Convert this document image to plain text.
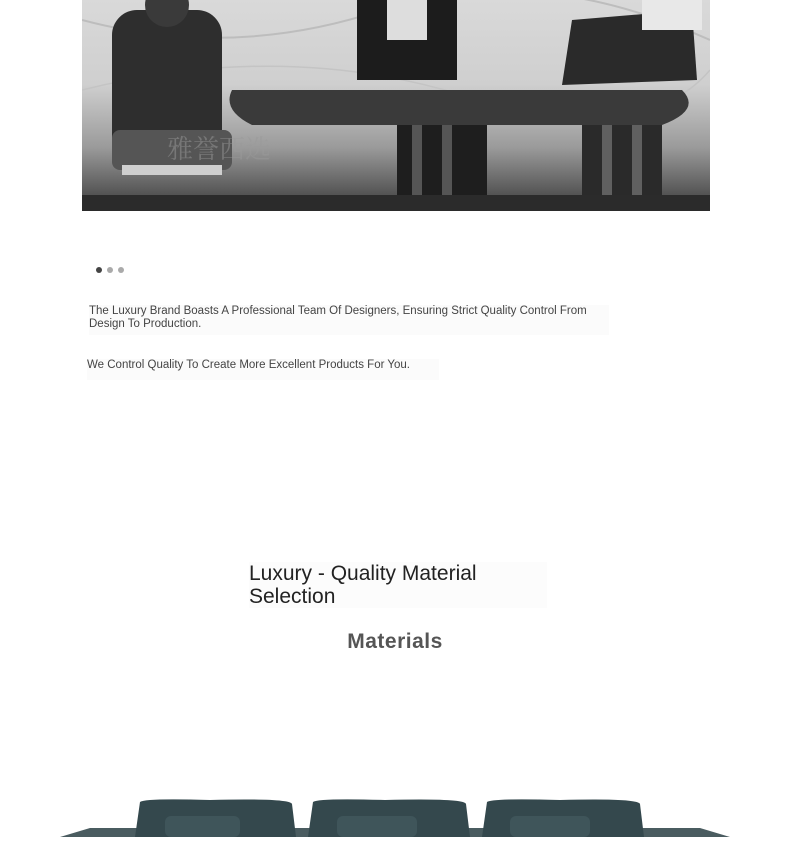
雅誉西选
The Luxury Brand Boasts A Professional Team Of Designers, Ensuring Strict Quality Control From Design To Production.
We Control Quality To Create More Excellent Products For You.
Luxury - Quality Material Selection
Materials
